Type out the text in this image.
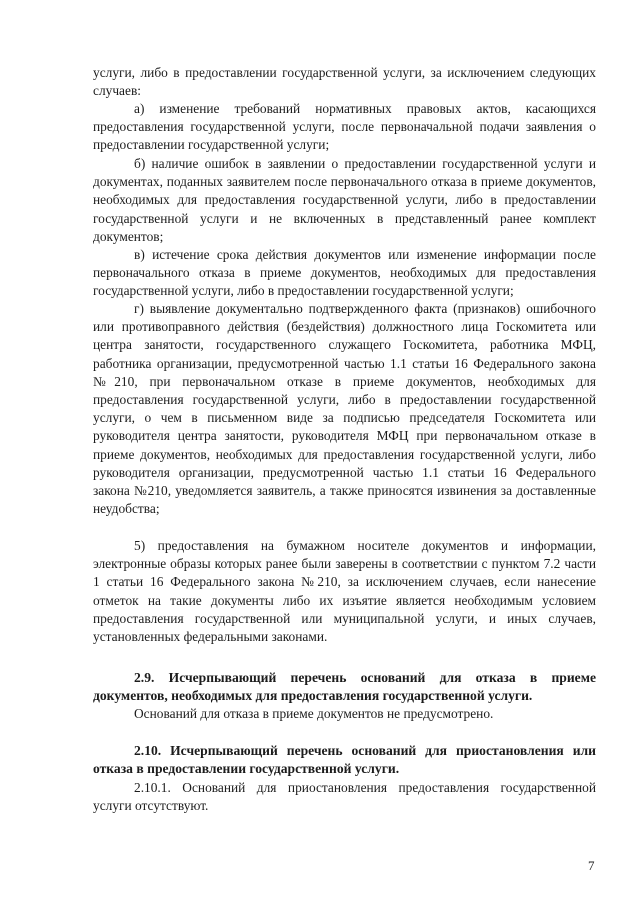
услуги, либо в предоставлении государственной услуги, за исключением следующих случаев:

а) изменение требований нормативных правовых актов, касающихся предоставления государственной услуги, после первоначальной подачи заявления о предоставлении государственной услуги;

б) наличие ошибок в заявлении о предоставлении государственной услуги и документах, поданных заявителем после первоначального отказа в приеме документов, необходимых для предоставления государственной услуги, либо в предоставлении государственной услуги и не включенных в представленный ранее комплект документов;

в) истечение срока действия документов или изменение информации после первоначального отказа в приеме документов, необходимых для предоставления государственной услуги, либо в предоставлении государственной услуги;

г) выявление документально подтвержденного факта (признаков) ошибочного или противоправного действия (бездействия) должностного лица Госкомитета или центра занятости, государственного служащего Госкомитета, работника МФЦ, работника организации, предусмотренной частью 1.1 статьи 16 Федерального закона №210, при первоначальном отказе в приеме документов, необходимых для предоставления государственной услуги, либо в предоставлении государственной услуги, о чем в письменном виде за подписью председателя Госкомитета или руководителя центра занятости, руководителя МФЦ при первоначальном отказе в приеме документов, необходимых для предоставления государственной услуги, либо руководителя организации, предусмотренной частью 1.1 статьи 16 Федерального закона №210, уведомляется заявитель, а также приносятся извинения за доставленные неудобства;

5) предоставления на бумажном носителе документов и информации, электронные образы которых ранее были заверены в соответствии с пунктом 7.2 части 1 статьи 16 Федерального закона №210, за исключением случаев, если нанесение отметок на такие документы либо их изъятие является необходимым условием предоставления государственной или муниципальной услуги, и иных случаев, установленных федеральными законами.

2.9. Исчерпывающий перечень оснований для отказа в приеме документов, необходимых для предоставления государственной услуги.

Оснований для отказа в приеме документов не предусмотрено.

2.10. Исчерпывающий перечень оснований для приостановления или отказа в предоставлении государственной услуги.

2.10.1. Оснований для приостановления предоставления государственной услуги отсутствуют.

7
